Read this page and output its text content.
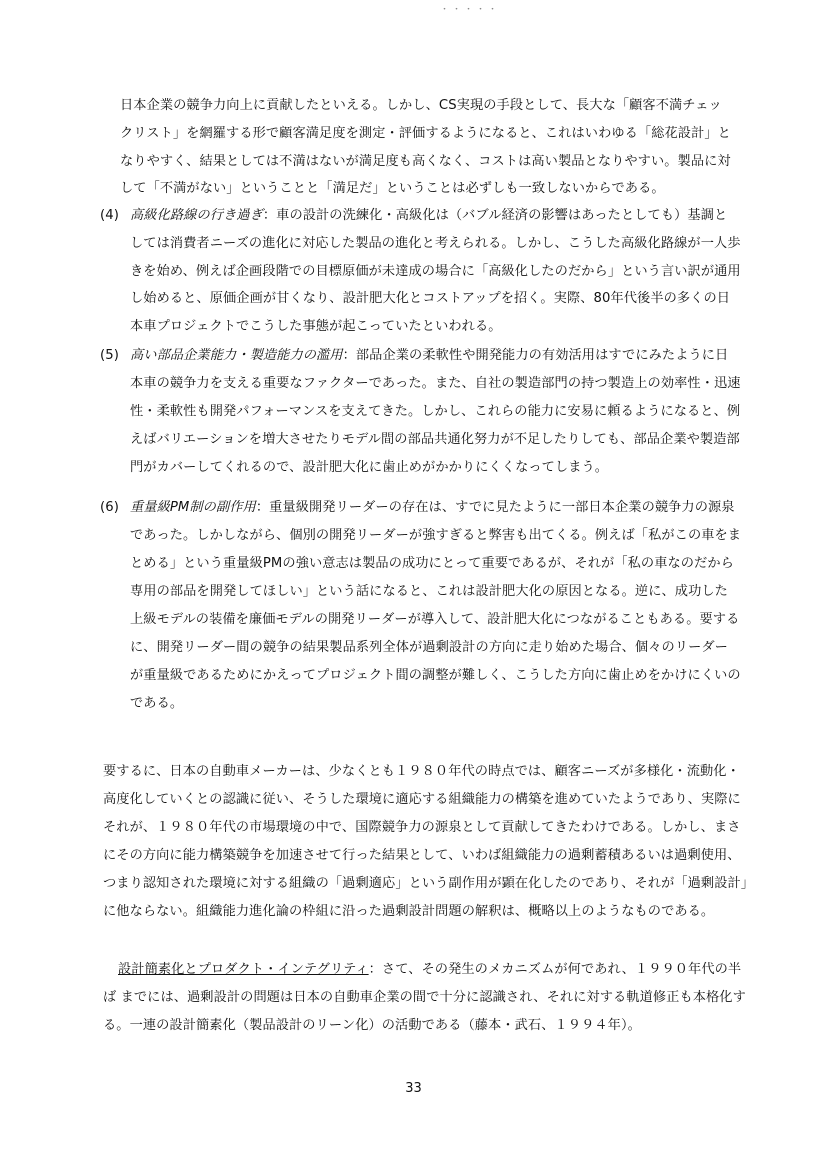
・・・・・
日本企業の競争力向上に貢献したといえる。しかし、CS実現の手段として、長大な「顧客不満チェッ
クリスト」を網羅する形で顧客満足度を測定・評価するようになると、これはいわゆる「総花設計」と
なりやすく、結果としては不満はないが満足度も高くなく、コストは高い製品となりやすい。製品に対
して「不満がない」ということと「満足だ」ということは必ずしも一致しないからである。
(4) 高級化路線の行き過ぎ：車の設計の洗練化・高級化は（バブル経済の影響はあったとしても）基調と
しては消費者ニーズの進化に対応した製品の進化と考えられる。しかし、こうした高級化路線が一人歩
きを始め、例えば企画段階での目標原価が未達成の場合に「高級化したのだから」という言い訳が通用
し始めると、原価企画が甘くなり、設計肥大化とコストアップを招く。実際、80年代後半の多くの日
本車プロジェクトでこうした事態が起こっていたといわれる。
(5) 高い部品企業能力・製造能力の濫用：部品企業の柔軟性や開発能力の有効活用はすでにみたように日
本車の競争力を支える重要なファクターであった。また、自社の製造部門の持つ製造上の効率性・迅速
性・柔軟性も開発パフォーマンスを支えてきた。しかし、これらの能力に安易に頼るようになると、例
えばバリエーションを増大させたりモデル間の部品共通化努力が不足したりしても、部品企業や製造部
門がカバーしてくれるので、設計肥大化に歯止めがかかりにくくなってしまう。
(6) 重量級PM制の副作用：重量級開発リーダーの存在は、すでに見たように一部日本企業の競争力の源泉
であった。しかしながら、個別の開発リーダーが強すぎると弊害も出てくる。例えば「私がこの車をま
とめる」という重量級PMの強い意志は製品の成功にとって重要であるが、それが「私の車なのだから
専用の部品を開発してほしい」という話になると、これは設計肥大化の原因となる。逆に、成功した
上級モデルの装備を廉価モデルの開発リーダーが導入して、設計肥大化につながることもある。要する
に、開発リーダー間の競争の結果製品系列全体が過剰設計の方向に走り始めた場合、個々のリーダー
が重量級であるためにかえってプロジェクト間の調整が難しく、こうした方向に歯止めをかけにくいの
である。
要するに、日本の自動車メーカーは、少なくとも１９８０年代の時点では、顧客ニーズが多様化・流動化・
高度化していくとの認識に従い、そうした環境に適応する組織能力の構築を進めていたようであり、実際に
それが、１９８０年代の市場環境の中で、国際競争力の源泉として貢献してきたわけである。しかし、まさ
にその方向に能力構築競争を加速させて行った結果として、いわば組織能力の過剰蓄積あるいは過剰使用、
つまり認知された環境に対する組織の「過剰適応」という副作用が顕在化したのであり、それが「過剰設計」
に他ならない。組織能力進化論の枠組に沿った過剰設計問題の解釈は、概略以上のようなものである。
設計簡素化とプロダクト・インテグリティ：さて、その発生のメカニズムが何であれ、１９９０年代の半
ば までには、過剰設計の問題は日本の自動車企業の間で十分に認識され、それに対する軌道修正も本格化す
る。一連の設計簡素化（製品設計のリーン化）の活動である（藤本・武石、１９９４年）。
33
